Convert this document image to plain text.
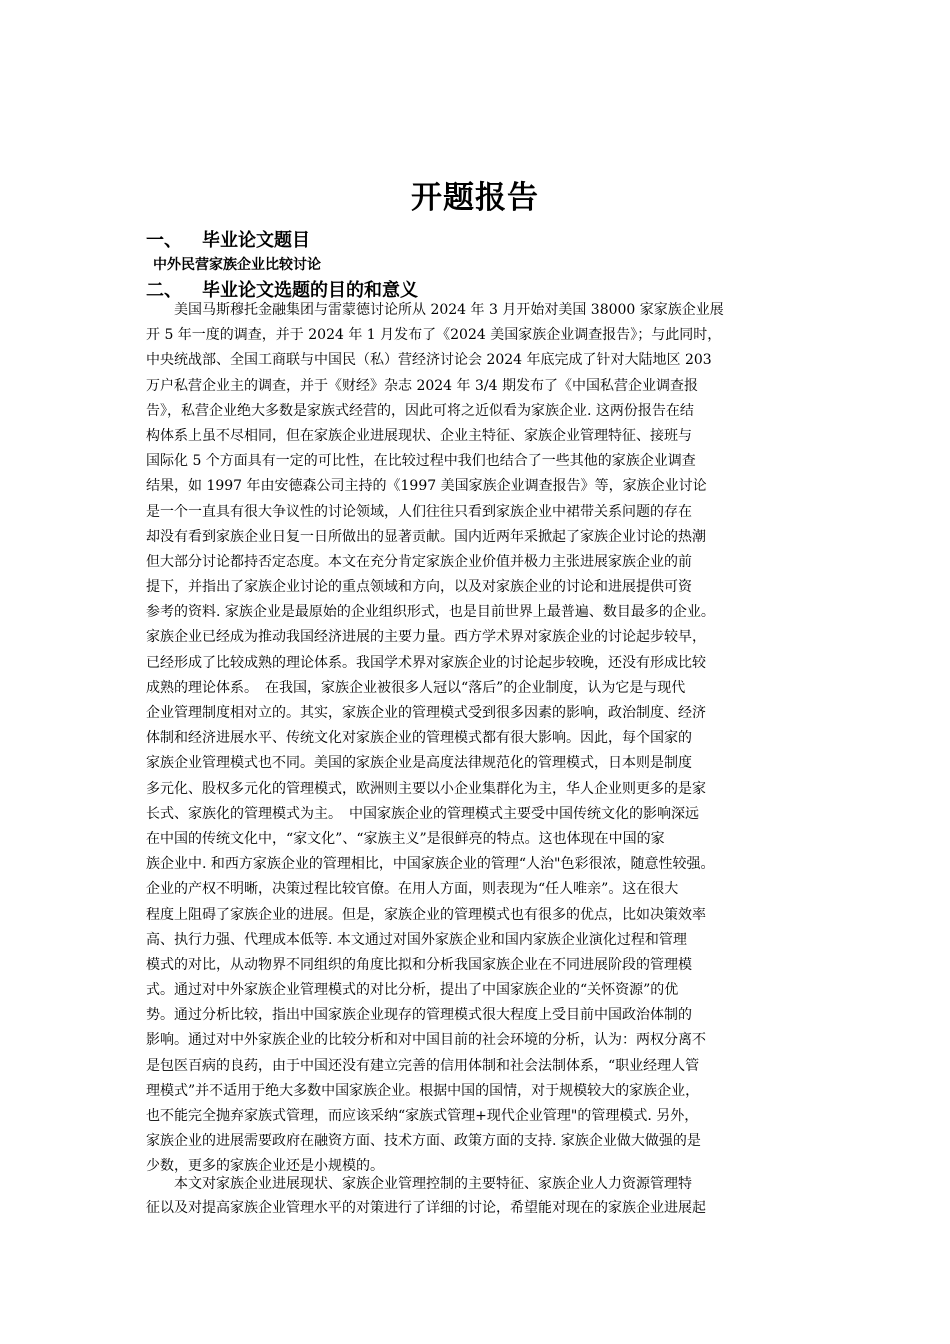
开题报告
一、 毕业论文题目
中外民营家族企业比较讨论
二、 毕业论文选题的目的和意义
　　美国马斯穆托金融集团与雷蒙德讨论所从 2024 年 3 月开始对美国 38000 家家族企业展
开 5 年一度的调查，并于 2024 年 1 月发布了《2024 美国家族企业调查报告》；与此同时，
中央统战部、全国工商联与中国民（私）营经济讨论会 2024 年底完成了针对大陆地区 203
万户私营企业主的调查，并于《财经》杂志 2024 年 3/4 期发布了《中国私营企业调查报
告》，私营企业绝大多数是家族式经营的，因此可将之近似看为家族企业. 这两份报告在结
构体系上虽不尽相同，但在家族企业进展现状、企业主特征、家族企业管理特征、接班与
国际化 5 个方面具有一定的可比性，在比较过程中我们也结合了一些其他的家族企业调查
结果，如 1997 年由安德森公司主持的《1997 美国家族企业调查报告》等，家族企业讨论
是一个一直具有很大争议性的讨论领域，人们往往只看到家族企业中裙带关系问题的存在
却没有看到家族企业日复一日所做出的显著贡献。国内近两年采掀起了家族企业讨论的热潮
但大部分讨论都持否定态度。本文在充分肯定家族企业价值并极力主张进展家族企业的前
提下，并指出了家族企业讨论的重点领域和方向，以及对家族企业的讨论和进展提供可资
参考的资料. 家族企业是最原始的企业组织形式，也是目前世界上最普遍、数目最多的企业。
家族企业已经成为推动我国经济进展的主要力量。西方学术界对家族企业的讨论起步较早，
已经形成了比较成熟的理论体系。我国学术界对家族企业的讨论起步较晚，还没有形成比较
成熟的理论体系。　在我国，家族企业被很多人冠以“落后”的企业制度，认为它是与现代
企业管理制度相对立的。其实，家族企业的管理模式受到很多因素的影响，政治制度、经济
体制和经济进展水平、传统文化对家族企业的管理模式都有很大影响。因此，每个国家的
家族企业管理模式也不同。美国的家族企业是高度法律规范化的管理模式，日本则是制度
多元化、股权多元化的管理模式，欧洲则主要以小企业集群化为主，华人企业则更多的是家
长式、家族化的管理模式为主。　中国家族企业的管理模式主要受中国传统文化的影响深远
在中国的传统文化中，“家文化”、“家族主义”是很鲜亮的特点。这也体现在中国的家
族企业中. 和西方家族企业的管理相比，中国家族企业的管理“人治"色彩很浓，随意性较强。
企业的产权不明晰，决策过程比较官僚。在用人方面，则表现为“任人唯亲”。这在很大
程度上阻碍了家族企业的进展。但是，家族企业的管理模式也有很多的优点，比如决策效率
高、执行力强、代理成本低等. 本文通过对国外家族企业和国内家族企业演化过程和管理
模式的对比，从动物界不同组织的角度比拟和分析我国家族企业在不同进展阶段的管理模
式。通过对中外家族企业管理模式的对比分析，提出了中国家族企业的“关怀资源”的优
势。通过分析比较，指出中国家族企业现存的管理模式很大程度上受目前中国政治体制的
影响。通过对中外家族企业的比较分析和对中国目前的社会环境的分析，认为：两权分离不
是包医百病的良药，由于中国还没有建立完善的信用体制和社会法制体系，“职业经理人管
理模式”并不适用于绝大多数中国家族企业。根据中国的国情，对于规模较大的家族企业，
也不能完全抛弃家族式管理，而应该采纳“家族式管理+现代企业管理"的管理模式. 另外，
家族企业的进展需要政府在融资方面、技术方面、政策方面的支持. 家族企业做大做强的是
少数，更多的家族企业还是小规模的。
　　本文对家族企业进展现状、家族企业管理控制的主要特征、家族企业人力资源管理特
征以及对提高家族企业管理水平的对策进行了详细的讨论，希望能对现在的家族企业进展起
